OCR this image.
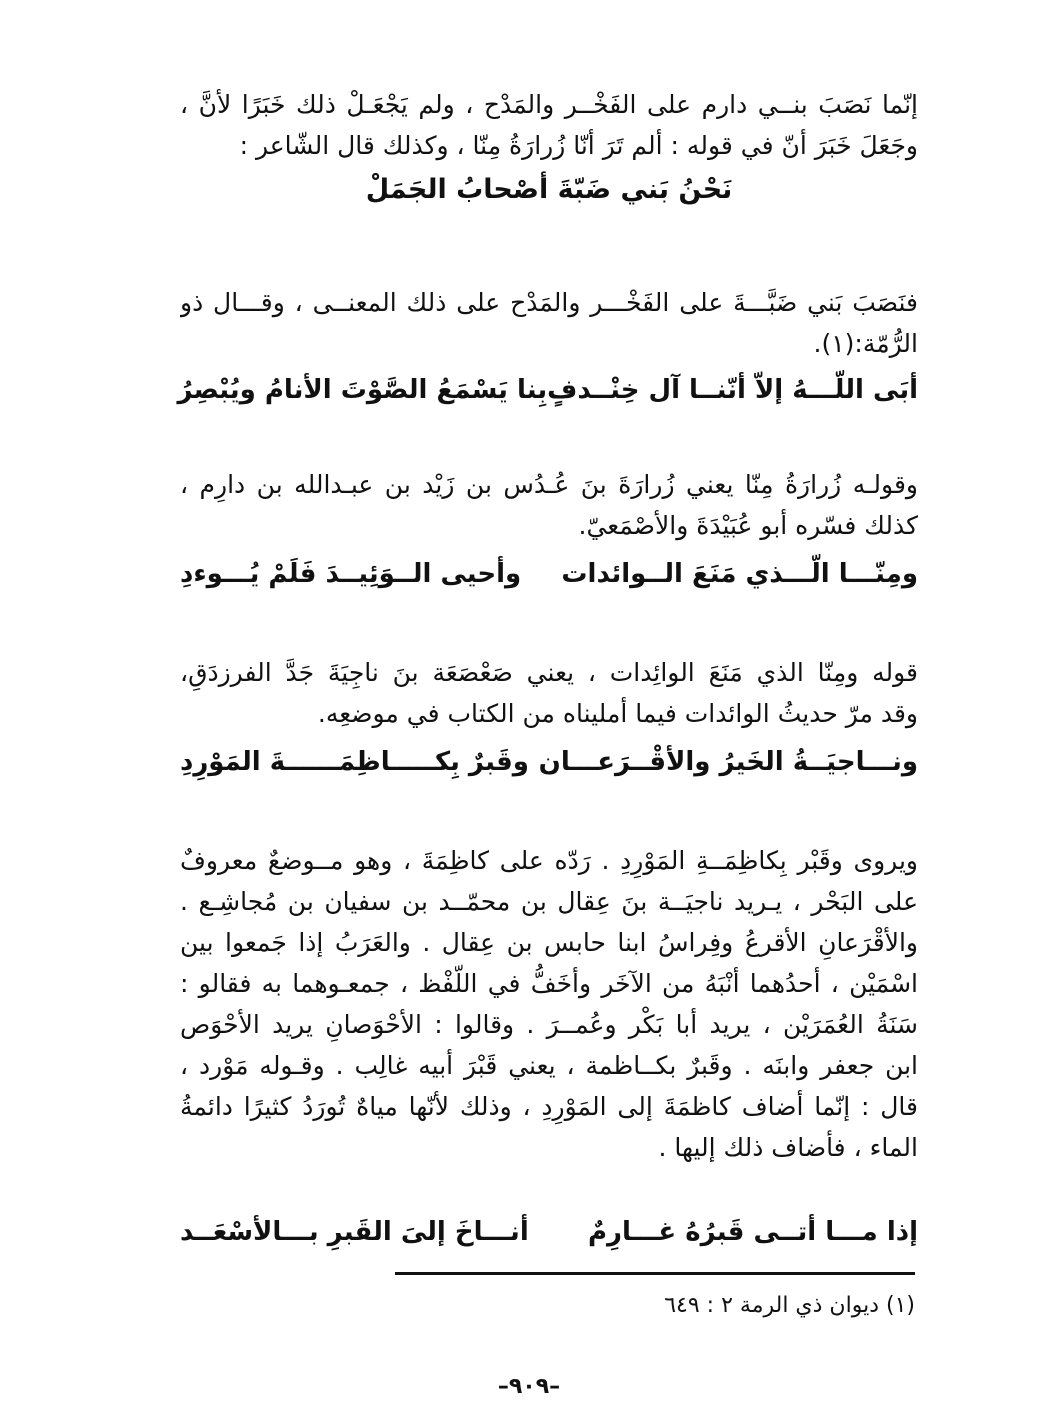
إنّما نَصَبَ بنــي دارم على الفَخْــر والمَدْح ، ولم يَجْعَـلْ ذلك خَبَرًا لأنَّ ،
وجَعَلَ خَبَرَ أنّ في قوله : ألم تَرَ أنّا زُرارَةُ مِنّا ، وكذلك قال الشّاعر :
نَحْنُ بَني ضَبّةَ أصْحابُ الجَمَلْ
فنَصَبَ بَني ضَبَّـــةَ على الفَخْـــر والمَدْح على ذلك المعنــى ، وقـــال ذو
الرُّمّة:(١).
أبَى اللّـــهُ إلاّ أنّنــا آل خِنْــدفٍ
بِنا يَسْمَعُ الصَّوْتَ الأنامُ ويُبْصِرُ
وقولـه زُرارَةُ مِنّا يعني زُرارَةَ بنَ عُـدُس بن زَيْد بن عبـدالله بن دارِم ،
كذلك فسّره أبو عُبَيْدَةَ والأصْمَعيّ.
ومِنّـــا الّـــذي مَنَعَ الــوائدات
وأحيى الــوَئِيــدَ فَلَمْ يُـــوءدِ
قوله ومِنّا الذي مَنَعَ الوائِدات ، يعني صَعْصَعَة بنَ ناجِيَةَ جَدَّ الفرزدَقِ،
وقد مرّ حديثُ الوائدات فيما أمليناه من الكتاب في موضعِه.
ونـــاجيَــةُ الخَيرُ والأقْــرَعـــان
وقَبرٌ بِكـــــاظِمَــــــةَ المَوْرِدِ
ويروى وقَبْر بِكاظِمَــةِ المَوْرِدِ . رَدّه على كاظِمَةَ ، وهو مــوضعٌ معروفٌ
على البَحْر ، يـريد ناجيَــة بنَ عِقال بن محمّــد بن سفيان بن مُجاشِـع .
والأقْرَعانِ الأقرعُ وفِراسُ ابنا حابس بن عِقال . والعَرَبُ إذا جَمعوا بين
اسْمَيْن ، أحدُهما أنْبَهُ من الآخَر وأخَفُّ في اللّفْظ ، جمعـوهما به فقالو :
سَنَةُ العُمَرَيْن ، يريد أبا بَكْر وعُمــرَ . وقالوا : الأحْوَصانِ يريد الأحْوَص
ابن جعفر وابنَه . وقَبرٌ بكــاظمة ، يعني قَبْرَ أبيه غالِب . وقـوله مَوْرد ،
قال : إنّما أضاف كاظمَةَ إلى المَوْرِدِ ، وذلك لأنّها مياهٌ تُورَدُ كثيرًا دائمةُ
الماء ، فأضاف ذلك إليها .
إذا مـــا أتــى قَبرُهُ غـــارِمٌ
أنـــاخَ إلىَ القَبرِ بـــالأسْعَــد
(١) ديوان ذي الرمة ٢ : ٦٤٩
–٩٠٩–
